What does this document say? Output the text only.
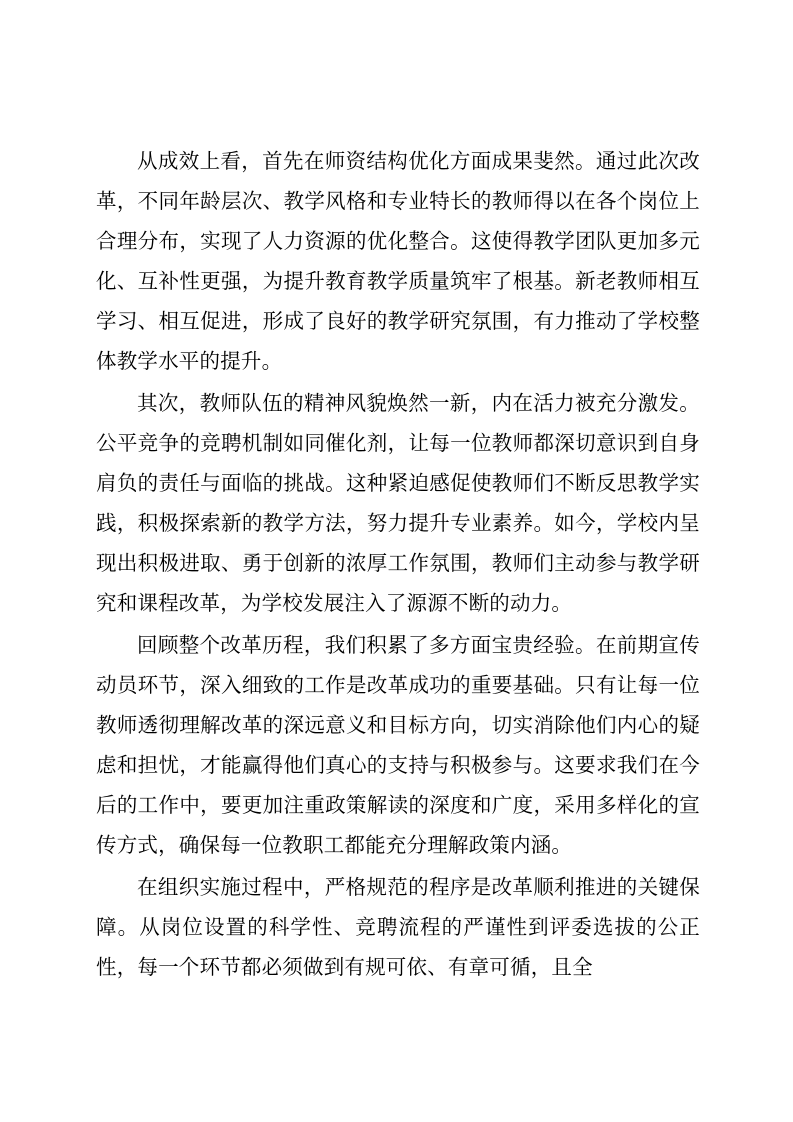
从成效上看，首先在师资结构优化方面成果斐然。通过此次改革，不同年龄层次、教学风格和专业特长的教师得以在各个岗位上合理分布，实现了人力资源的优化整合。这使得教学团队更加多元化、互补性更强，为提升教育教学质量筑牢了根基。新老教师相互学习、相互促进，形成了良好的教学研究氛围，有力推动了学校整体教学水平的提升。

其次，教师队伍的精神风貌焕然一新，内在活力被充分激发。公平竞争的竞聘机制如同催化剂，让每一位教师都深切意识到自身肩负的责任与面临的挑战。这种紧迫感促使教师们不断反思教学实践，积极探索新的教学方法，努力提升专业素养。如今，学校内呈现出积极进取、勇于创新的浓厚工作氛围，教师们主动参与教学研究和课程改革，为学校发展注入了源源不断的动力。

回顾整个改革历程，我们积累了多方面宝贵经验。在前期宣传动员环节，深入细致的工作是改革成功的重要基础。只有让每一位教师透彻理解改革的深远意义和目标方向，切实消除他们内心的疑虑和担忧，才能赢得他们真心的支持与积极参与。这要求我们在今后的工作中，要更加注重政策解读的深度和广度，采用多样化的宣传方式，确保每一位教职工都能充分理解政策内涵。

在组织实施过程中，严格规范的程序是改革顺利推进的关键保障。从岗位设置的科学性、竞聘流程的严谨性到评委选拔的公正性，每一个环节都必须做到有规可依、有章可循，且全
